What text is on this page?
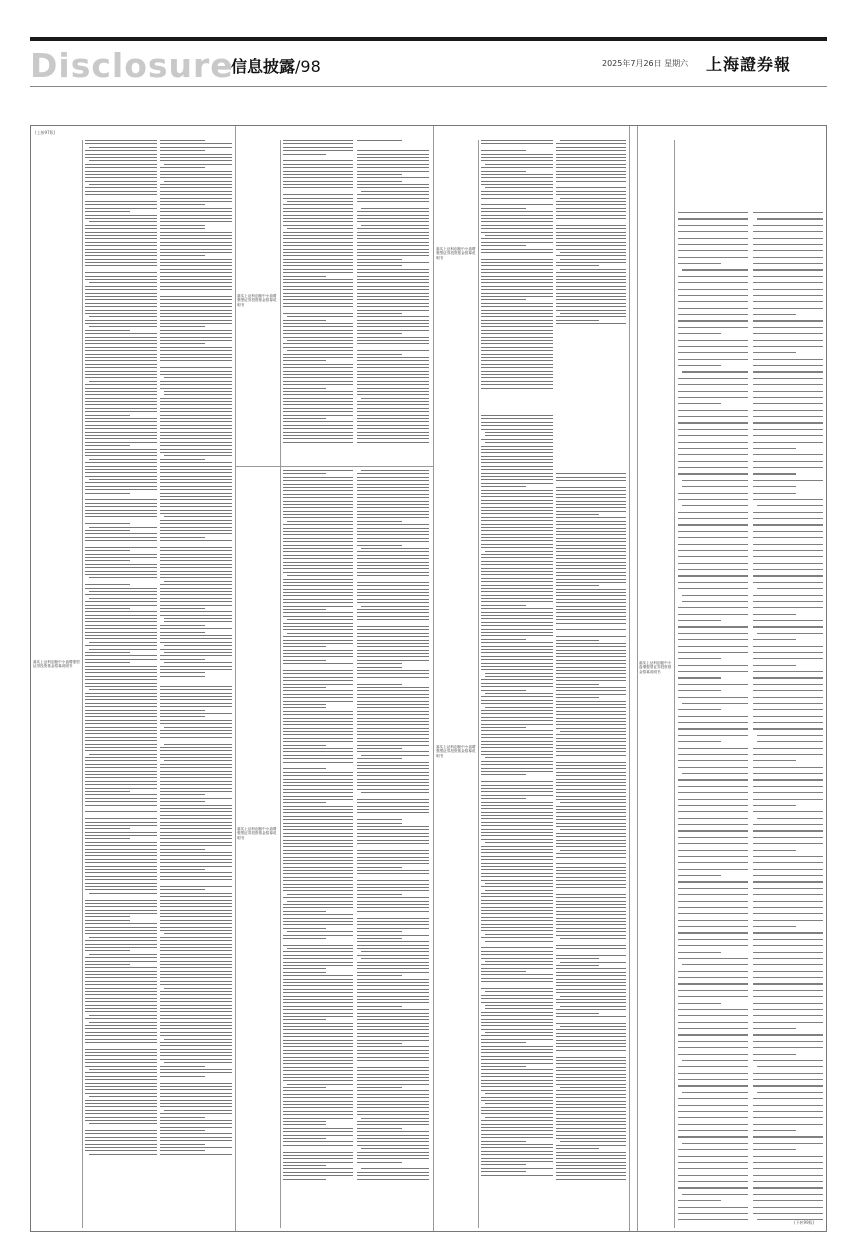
Disclosure
信息披露/98	2025年7月26日 星期六 上海證券報
(上接97版)
(下转99版)
嘉实上证科创板中小盘增强型证券投资基金招募说明书
嘉实上证科创板中小盘增强型证券投资基金招募说明书
嘉实上证科创板中小盘增强型证券投资基金招募说明书
嘉实上证科创板中小盘增强型证券投资基金招募说明书
嘉实上证科创板中小盘增强型证券投资基金招募说明书
嘉实上证科创板中小盘增强型证券投资基金招募说明书
